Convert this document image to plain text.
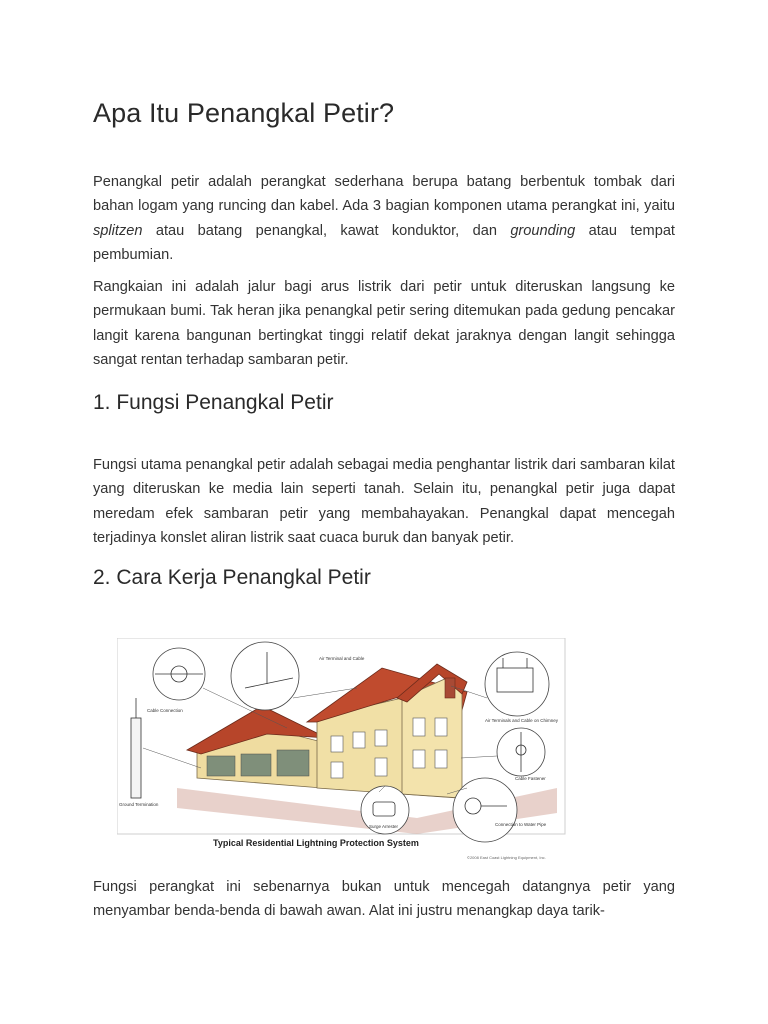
Apa Itu Penangkal Petir?

Penangkal petir adalah perangkat sederhana berupa batang berbentuk tombak dari bahan logam yang runcing dan kabel. Ada 3 bagian komponen utama perangkat ini, yaitu splitzen atau batang penangkal, kawat konduktor, dan grounding atau tempat pembumian.

Rangkaian ini adalah jalur bagi arus listrik dari petir untuk diteruskan langsung ke permukaan bumi. Tak heran jika penangkal petir sering ditemukan pada gedung pencakar langit karena bangunan bertingkat tinggi relatif dekat jaraknya dengan langit sehingga sangat rentan terhadap sambaran petir.

1. Fungsi Penangkal Petir

Fungsi utama penangkal petir adalah sebagai media penghantar listrik dari sambaran kilat yang diteruskan ke media lain seperti tanah. Selain itu, penangkal petir juga dapat meredam efek sambaran petir yang membahayakan. Penangkal dapat mencegah terjadinya konslet aliran listrik saat cuaca buruk dan banyak petir.

2. Cara Kerja Penangkal Petir
Air Terminal and Cable
Cable Connection
Ground Termination
Air Terminals and Cable on Chimney
Cable Fastener
Surge Arrester	Connection to Water Pipe
Typical Residential Lightning Protection System
©2008 East Coast Lightning Equipment, Inc.

Fungsi perangkat ini sebenarnya bukan untuk mencegah datangnya petir yang menyambar benda-benda di bawah awan. Alat ini justru menangkap daya tarik-
